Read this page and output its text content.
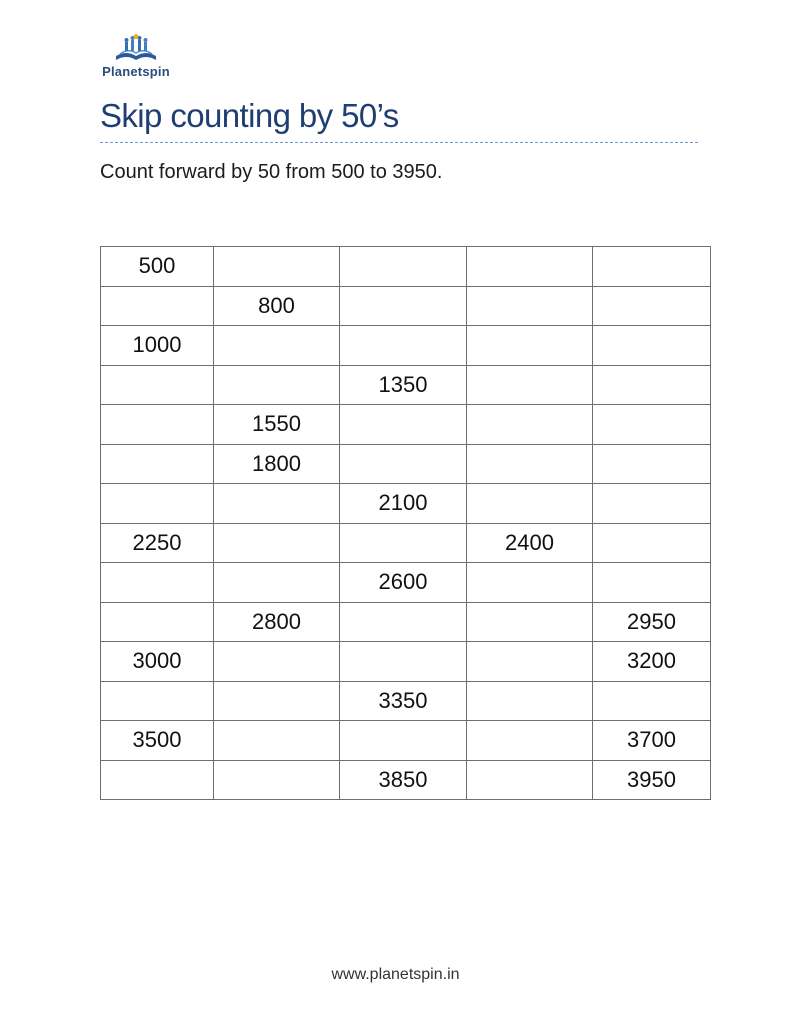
Planetspin
Skip counting by 50’s

Count forward by 50 from 500 to 3950.

500				
	800			
1000				
		1350		
	1550			
	1800			
		2100		
2250			2400	
		2600		
	2800			2950
3000				3200
		3350		
3500				3700
		3850		3950
www.planetspin.in
